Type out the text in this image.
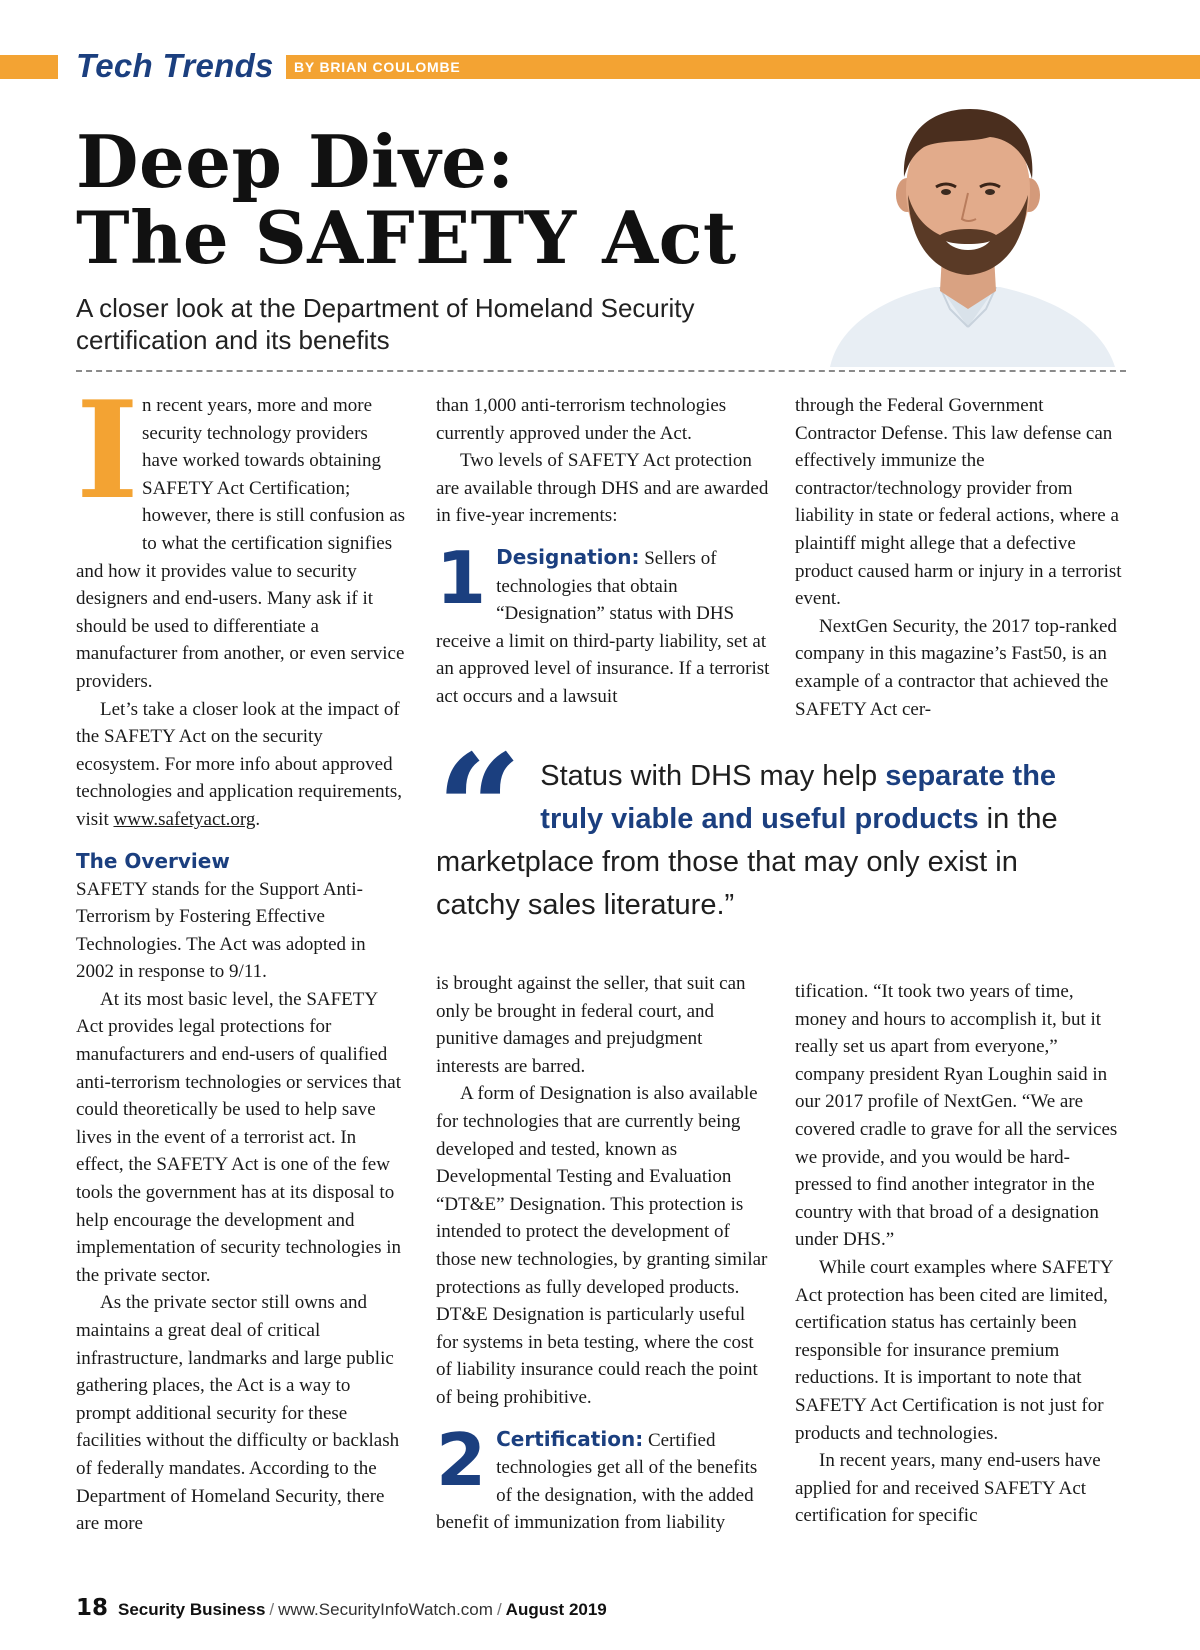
Tech Trends BY BRIAN COULOMBE
Deep Dive:
The SAFETY Act
A closer look at the Department of Homeland Security certification and its benefits

In recent years, more and more security technology providers have worked towards obtaining SAFETY Act Certification; however, there is still confusion as to what the certification signifies and how it provides value to security designers and end-users. Many ask if it should be used to differentiate a manufacturer from another, or even service providers.

Let’s take a closer look at the impact of the SAFETY Act on the security ecosystem. For more info about approved technologies and application requirements, visit www.safetyact.org.

The Overview

SAFETY stands for the Support Anti-Terrorism by Fostering Effective Technologies. The Act was adopted in 2002 in response to 9/11.

At its most basic level, the SAFETY Act provides legal protections for manufacturers and end-users of qualified anti-terrorism technologies or services that could theoretically be used to help save lives in the event of a terrorist act. In effect, the SAFETY Act is one of the few tools the government has at its disposal to help encourage the development and implementation of security technologies in the private sector.

As the private sector still owns and maintains a great deal of critical infrastructure, landmarks and large public gathering places, the Act is a way to prompt additional security for these facilities without the difficulty or backlash of federally mandates. According to the Department of Homeland Security, there are more

than 1,000 anti-terrorism technologies currently approved under the Act.

Two levels of SAFETY Act protection are available through DHS and are awarded in five-year increments:

1 Designation: Sellers of technologies that obtain “Designation” status with DHS receive a limit on third-party liability, set at an approved level of insurance. If a terrorist act occurs and a lawsuit

through the Federal Government Contractor Defense. This law defense can effectively immunize the contractor/technology provider from liability in state or federal actions, where a plaintiff might allege that a defective product caused harm or injury in a terrorist event.

NextGen Security, the 2017 top-ranked company in this magazine’s Fast50, is an example of a contractor that achieved the SAFETY Act cer-

“ Status with DHS may help separate the truly viable and useful products in the marketplace from those that may only exist in catchy sales literature.”

is brought against the seller, that suit can only be brought in federal court, and punitive damages and prejudgment interests are barred.

A form of Designation is also available for technologies that are currently being developed and tested, known as Developmental Testing and Evaluation “DT&E” Designation. This protection is intended to protect the development of those new technologies, by granting similar protections as fully developed products. DT&E Designation is particularly useful for systems in beta testing, where the cost of liability insurance could reach the point of being prohibitive.

2 Certification: Certified technologies get all of the benefits of the designation, with the added benefit of immunization from liability

tification. “It took two years of time, money and hours to accomplish it, but it really set us apart from everyone,” company president Ryan Loughin said in our 2017 profile of NextGen. “We are covered cradle to grave for all the services we provide, and you would be hard-pressed to find another integrator in the country with that broad of a designation under DHS.”

While court examples where SAFETY Act protection has been cited are limited, certification status has certainly been responsible for insurance premium reductions. It is important to note that SAFETY Act Certification is not just for products and technologies.

In recent years, many end-users have applied for and received SAFETY Act certification for specific

18 Security Business / www.SecurityInfoWatch.com / August 2019
